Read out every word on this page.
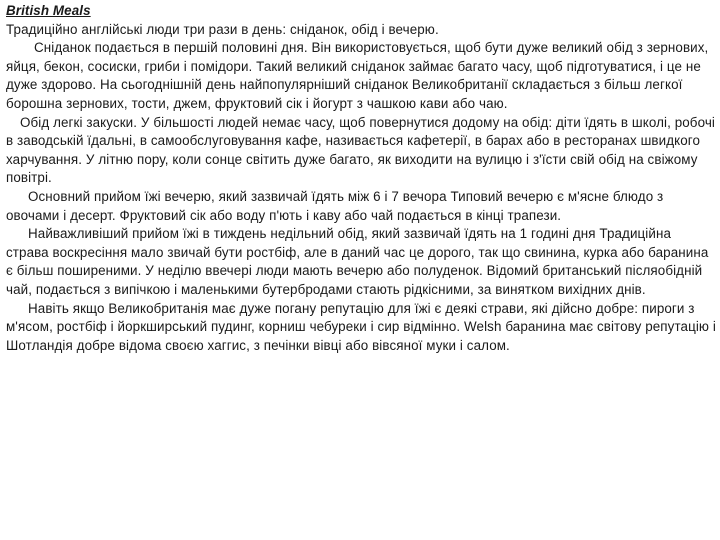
British Meals

Традиційно англійські люди три рази в день: сніданок, обід і вечерю.

Сніданок подається в першій половині дня. Він використовується, щоб бути дуже великий обід з зернових, яйця, бекон, сосиски, гриби і помідори. Такий великий сніданок займає багато часу, щоб підготуватися, і це не дуже здорово. На сьогоднішній день найпопулярніший сніданок Великобританії складається з більш легкої борошна зернових, тости, джем, фруктовий сік і йогурт з чашкою кави або чаю.

Обід легкі закуски. У більшості людей немає часу, щоб повернутися додому на обід: діти їдять в школі, робочі в заводській їдальні, в самообслуговування кафе, називається кафетерії, в барах або в ресторанах швидкого харчування. У літню пору, коли сонце світить дуже багато, як виходити на вулицю і з'їсти свій обід на свіжому повітрі.

Основний прийом їжі вечерю, який зазвичай їдять між 6 і 7 вечора Типовий вечерю є м'ясне блюдо з овочами і десерт. Фруктовий сік або воду п'ють і каву або чай подається в кінці трапези.

Найважливіший прийом їжі в тиждень недільний обід, який зазвичай їдять на 1 годині дня Традиційна страва воскресіння мало звичай бути ростбіф, але в даний час це дорого, так що свинина, курка або баранина є більш поширеними. У неділю ввечері люди мають вечерю або полуденок. Відомий британський післяобідній чай, подається з випічкою і маленькими бутербродами стають рідкісними, за винятком вихідних днів.

Навіть якщо Великобританія має дуже погану репутацію для їжі є деякі страви, які дійсно добре: пироги з м'ясом, ростбіф і йоркширський пудинг, корниш чебуреки і сир відмінно. Welsh баранина має світову репутацію і Шотландія добре відома своєю хаггис, з печінки вівці або вівсяної муки і салом.
